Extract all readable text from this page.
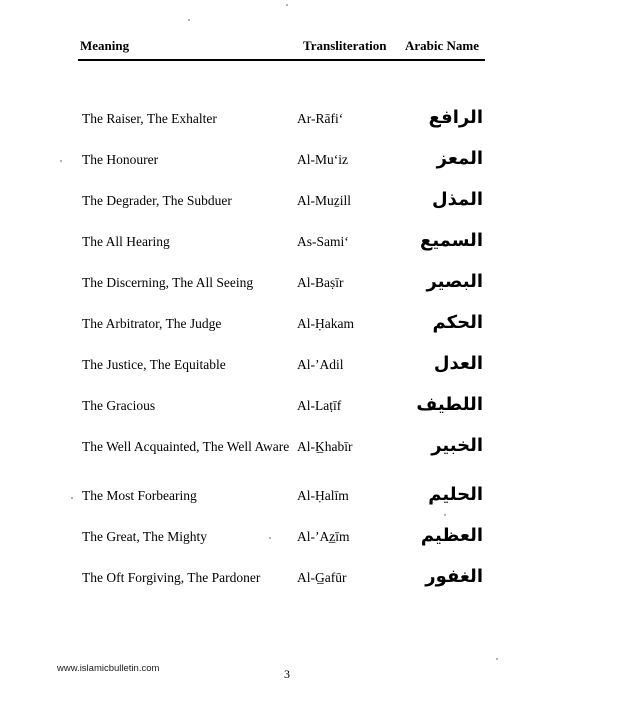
Meaning	Transliteration Arabic Name
The Raiser, The Exhalter	Ar-Rāfi‘	الرافع
The Honourer	Al-Mu‘iz	المعز
The Degrader, The Subduer	Al-Muẕill	المذل
The All Hearing	As-Sami‘	السميع
The Discerning, The All Seeing	Al-Baṣīr	البصير
The Arbitrator, The Judge	Al-Ḥakam	الحكم
The Justice, The Equitable	Al-’Adil	العدل
The Gracious	Al-Laṭīf	اللطيف
The Well Acquainted, The Well Aware Al-K̲habīr	الخبير
The Most Forbearing	Al-Ḥalīm	الحليم
The Great, The Mighty	Al-’Az̲īm	العظيم
The Oft Forgiving, The Pardoner	Al-G̲afūr	الغفور
www.islamicbulletin.com	3
